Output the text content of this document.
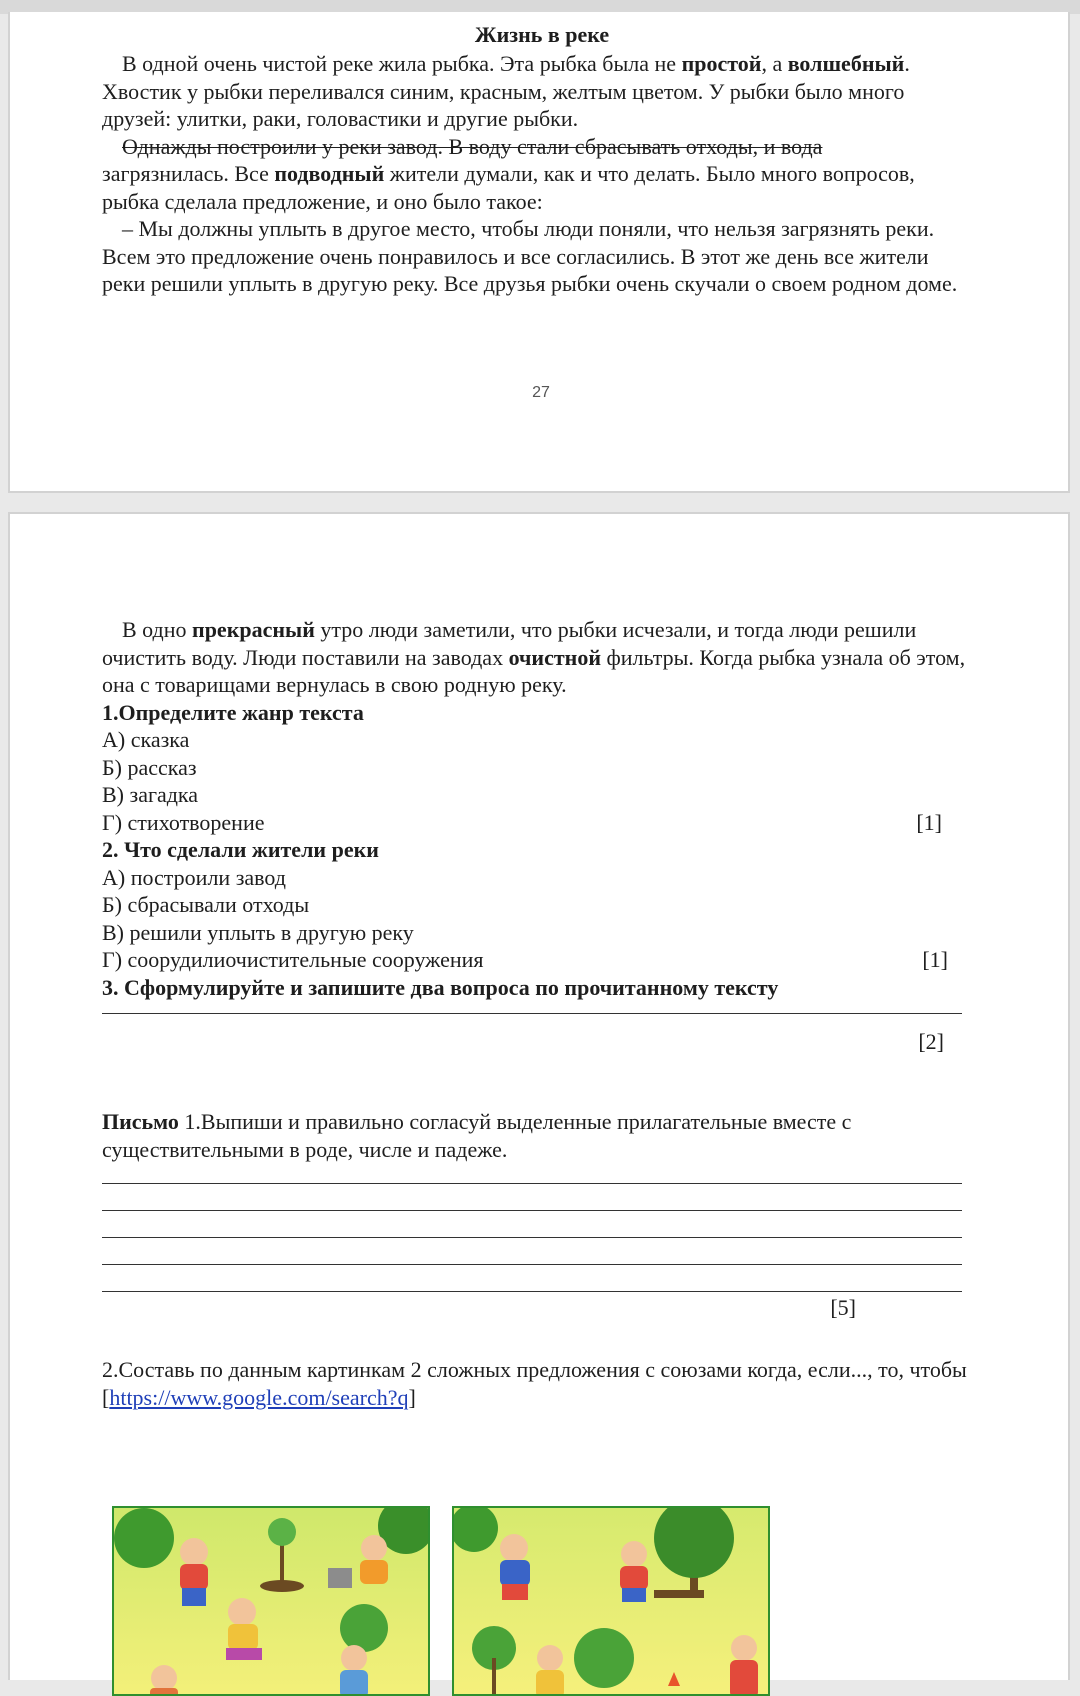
Жизнь в реке

В одной очень чистой реке жила рыбка. Эта рыбка была не простой, а волшебный. Хвостик у рыбки переливался синим, красным, желтым цветом. У рыбки было много друзей: улитки, раки, головастики и другие рыбки.

Однажды построили у реки завод. В воду стали сбрасывать отходы, и вода
загрязнилась. Все подводный жители думали, как и что делать. Было много вопросов, рыбка сделала предложение, и оно было такое:

– Мы должны уплыть в другое место, чтобы люди поняли, что нельзя загрязнять реки.

Всем это предложение очень понравилось и все согласились. В этот же день все жители реки решили уплыть в другую реку. Все друзья рыбки очень скучали о своем родном доме.

27

В одно прекрасный утро люди заметили, что рыбки исчезали, и тогда люди решили очистить воду. Люди поставили на заводах очистной фильтры. Когда рыбка узнала об этом, она с товарищами вернулась в свою родную реку.

1.Определите жанр текста

А) сказка

Б) рассказ

В) загадка

Г) стихотворение	[1]

2. Что сделали жители реки

А) построили завод

Б) сбрасывали отходы

В) решили уплыть в другую реку

Г) соорудилиочистительные сооружения	[1]

3. Сформулируйте и запишите два вопроса по прочитанному тексту

[2]

Письмо 1.Выпиши и правильно согласуй выделенные прилагательные вместе с существительными в роде, числе и падеже.

[5]

2.Составь по данным картинкам 2 сложных предложения с союзами когда, если..., то, чтобы

[https://www.google.com/search?q]
